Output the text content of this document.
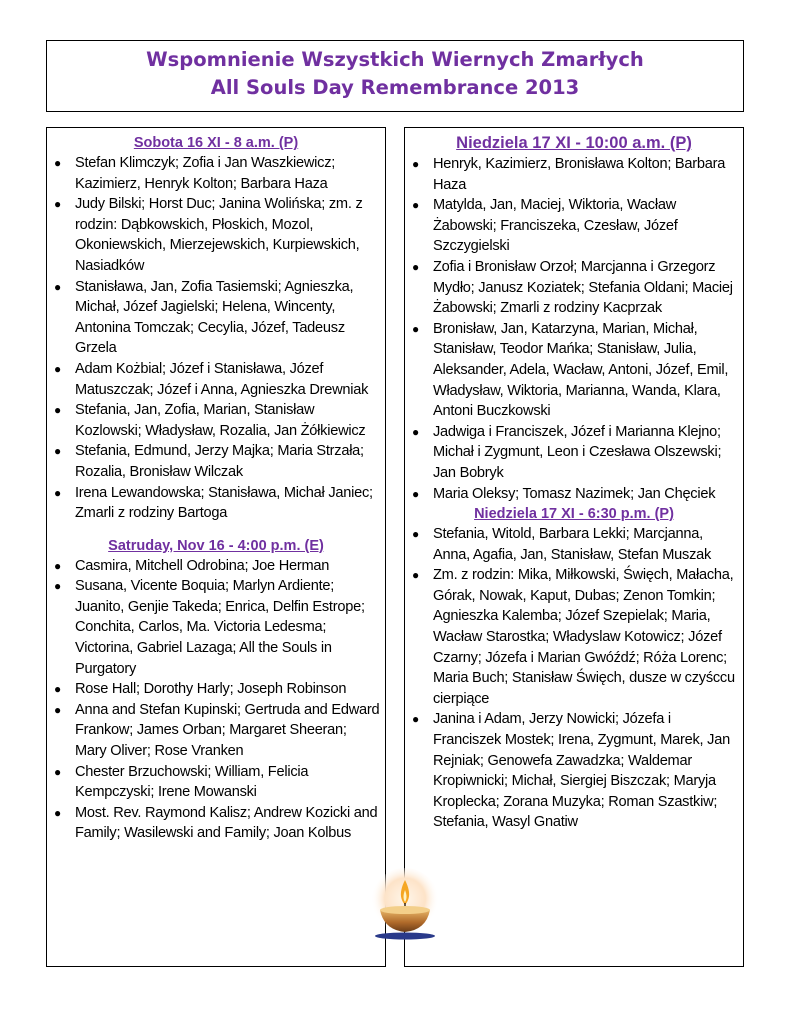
Wspomnienie Wszystkich Wiernych Zmarłych
All Souls Day Remembrance 2013
Sobota 16 XI - 8 a.m. (P)
● Stefan Klimczyk; Zofia i Jan Waszkiewicz; Kazimierz, Henryk Kolton; Barbara Haza
● Judy Bilski; Horst Duc; Janina Wolińska; zm. z rodzin: Dąbkowskich, Płoskich, Mozol, Okoniewskich, Mierzejewskich, Kurpiewskich, Nasiadków
● Stanisława, Jan, Zofia Tasiemski; Agnieszka, Michał, Józef Jagielski; Helena, Wincenty, Antonina Tomczak; Cecylia, Józef, Tadeusz Grzela
● Adam Kożbial; Józef i Stanisława, Józef Matuszczak; Józef i Anna, Agnieszka Drewniak
● Stefania, Jan, Zofia, Marian, Stanisław Kozlowski; Władysław, Rozalia, Jan Żółkiewicz
● Stefania, Edmund, Jerzy Majka; Maria Strzała; Rozalia, Bronisław Wilczak
● Irena Lewandowska; Stanisława, Michał Janiec; Zmarli z rodziny Bartoga
Satruday, Nov 16 - 4:00 p.m. (E)
● Casmira, Mitchell Odrobina; Joe Herman
● Susana, Vicente Boquia; Marlyn Ardiente; Juanito, Genjie Takeda; Enrica, Delfin Estrope; Conchita, Carlos, Ma. Victoria Ledesma; Victorina, Gabriel Lazaga; All the Souls in Purgatory
● Rose Hall; Dorothy Harly; Joseph Robinson
● Anna and Stefan Kupinski; Gertruda and Edward Frankow; James Orban; Margaret Sheeran; Mary Oliver; Rose Vranken
● Chester Brzuchowski; William, Felicia Kempczyski; Irene Mowanski
● Most. Rev. Raymond Kalisz; Andrew Kozicki and Family; Wasilewski and Family; Joan Kolbus
Niedziela 17 XI - 10:00 a.m. (P)
● Henryk, Kazimierz, Bronisława Kolton; Barbara Haza
● Matylda, Jan, Maciej, Wiktoria, Wacław Żabowski; Franciszeka, Czesław, Józef Szczygielski
● Zofia i Bronisław Orzoł; Marcjanna i Grzegorz Mydło; Janusz Koziatek; Stefania Oldani; Maciej Żabowski; Zmarli z rodziny Kacprzak
● Bronisław, Jan, Katarzyna, Marian, Michał, Stanisław, Teodor Mańka; Stanisław, Julia, Aleksander, Adela, Wacław, Antoni, Józef, Emil, Władysław, Wiktoria, Marianna, Wanda, Klara, Antoni Buczkowski
● Jadwiga i Franciszek, Józef i Marianna Klejno; Michał i Zygmunt, Leon i Czesława Olszewski; Jan Bobryk
● Maria Oleksy; Tomasz Nazimek; Jan Chęciek
Niedziela 17 XI - 6:30 p.m. (P)
● Stefania, Witold, Barbara Lekki; Marcjanna, Anna, Agafia, Jan, Stanisław, Stefan Muszak
● Zm. z rodzin: Mika, Miłkowski, Święch, Małacha, Górak, Nowak, Kaput, Dubas; Zenon Tomkin; Agnieszka Kalemba; Józef Szepielak; Maria, Wacław Starostka; Władyslaw Kotowicz; Józef Czarny; Józefa i Marian Gwóźdź; Róża Lorenc; Maria Buch; Stanisław Święch, dusze w czyśccu cierpiące
● Janina i Adam, Jerzy Nowicki; Józefa i Franciszek Mostek; Irena, Zygmunt, Marek, Jan Rejniak; Genowefa Zawadzka; Waldemar Kropiwnicki; Michał, Siergiej Biszczak; Maryja Kroplecka; Zorana Muzyka; Roman Szastkiw; Stefania, Wasyl Gnatiw
